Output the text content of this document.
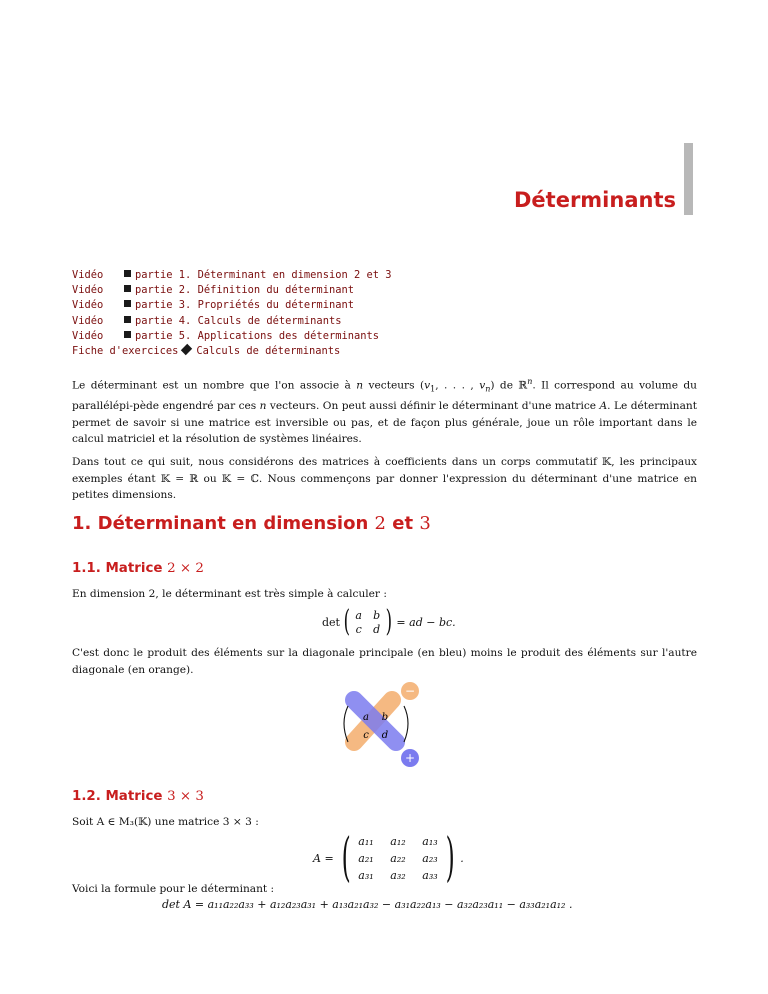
Déterminants
Vidéo	partie 1. Déterminant en dimension 2 et 3
Vidéo	partie 2. Définition du déterminant
Vidéo	partie 3. Propriétés du déterminant
Vidéo	partie 4. Calculs de déterminants
Vidéo	partie 5. Applications des déterminants
Fiche d'exercices Calculs de déterminants
Le déterminant est un nombre que l'on associe à n vecteurs ($v_1$, . . . , $v_n$) de ℝ$^n$. Il correspond au volume du parallélépi-pède engendré par ces n vecteurs. On peut aussi définir le déterminant d'une matrice A. Le déterminant permet de savoir si une matrice est inversible ou pas, et de façon plus générale, joue un rôle important dans le calcul matriciel et la résolution de systèmes linéaires.
Dans tout ce qui suit, nous considérons des matrices à coefficients dans un corps commutatif 𝕂, les principaux exemples étant 𝕂 = ℝ ou 𝕂 = ℂ. Nous commençons par donner l'expression du déterminant d'une matrice en petites dimensions.
1. Déterminant en dimension 2 et 3
1.1. Matrice 2 × 2
En dimension 2, le déterminant est très simple à calculer :
det ( a	b
c	d ) = ad − bc.
C'est donc le produit des éléments sur la diagonale principale (en bleu) moins le produit des éléments sur l'autre diagonale (en orange).
−
+
a b
c d
1.2. Matrice 3 × 3
Soit A ∈ M₃(𝕂) une matrice 3 × 3 :
A = ( a₁₁	a₁₂	a₁₃
a₂₁	a₂₂	a₂₃
a₃₁	a₃₂	a₃₃ ) .
Voici la formule pour le déterminant :
det A = a₁₁a₂₂a₃₃ + a₁₂a₂₃a₃₁ + a₁₃a₂₁a₃₂ − a₃₁a₂₂a₁₃ − a₃₂a₂₃a₁₁ − a₃₃a₂₁a₁₂ .
